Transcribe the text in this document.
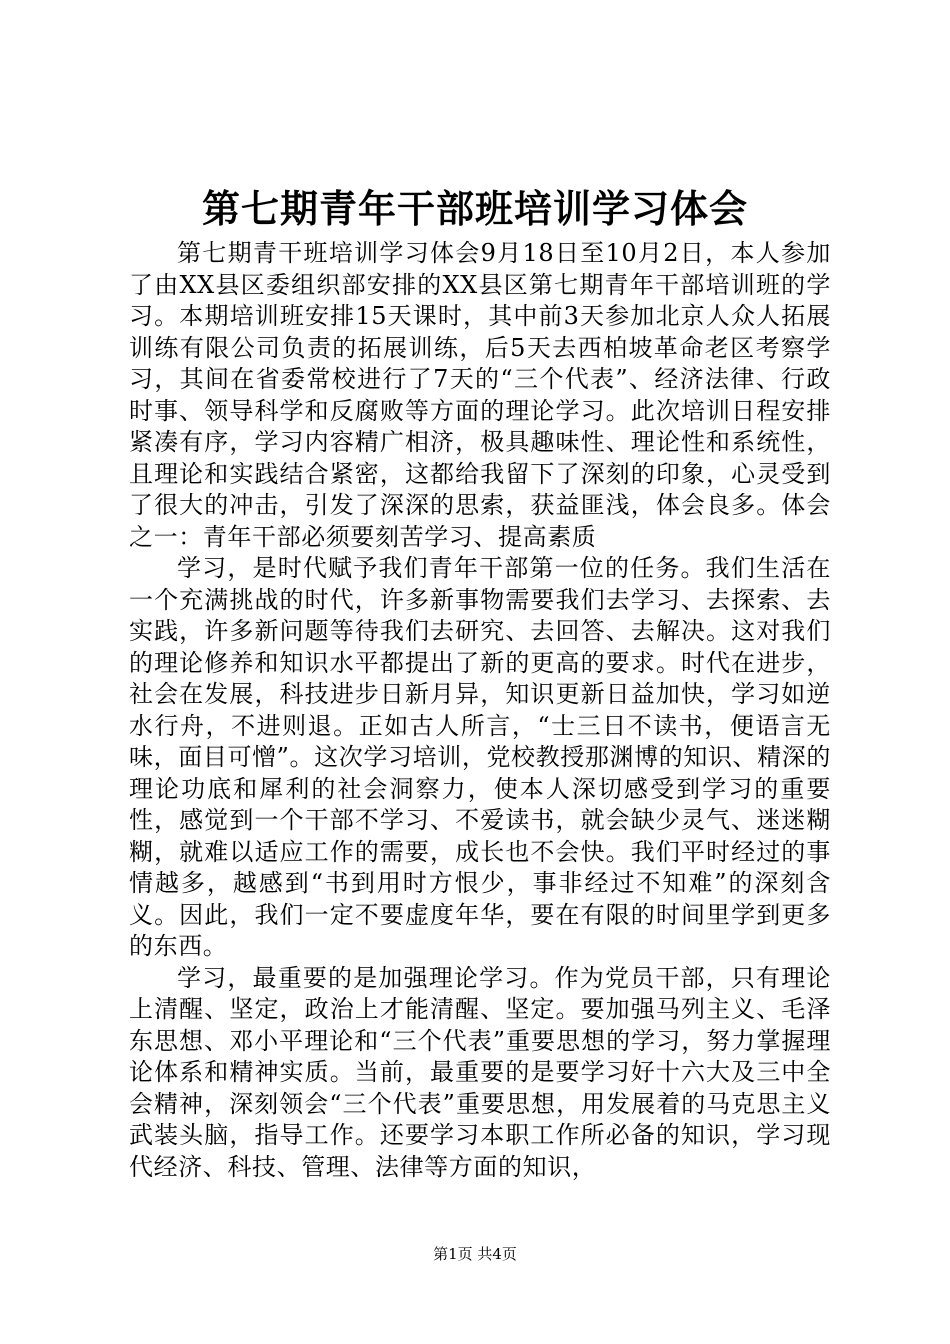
第七期青年干部班培训学习体会

第七期青干班培训学习体会9月18日至10月2日，本人参加了由XX县区委组织部安排的XX县区第七期青年干部培训班的学习。本期培训班安排15天课时，其中前3天参加北京人众人拓展训练有限公司负责的拓展训练，后5天去西柏坡革命老区考察学习，其间在省委常校进行了7天的“三个代表”、经济法律、行政时事、领导科学和反腐败等方面的理论学习。此次培训日程安排紧凑有序，学习内容精广相济，极具趣味性、理论性和系统性，且理论和实践结合紧密，这都给我留下了深刻的印象，心灵受到了很大的冲击，引发了深深的思索，获益匪浅，体会良多。体会之一：青年干部必须要刻苦学习、提高素质

学习，是时代赋予我们青年干部第一位的任务。我们生活在一个充满挑战的时代，许多新事物需要我们去学习、去探索、去实践，许多新问题等待我们去研究、去回答、去解决。这对我们的理论修养和知识水平都提出了新的更高的要求。时代在进步，社会在发展，科技进步日新月异，知识更新日益加快，学习如逆水行舟，不进则退。正如古人所言，“士三日不读书，便语言无味，面目可憎”。这次学习培训，党校教授那渊博的知识、精深的理论功底和犀利的社会洞察力，使本人深切感受到学习的重要性，感觉到一个干部不学习、不爱读书，就会缺少灵气、迷迷糊糊，就难以适应工作的需要，成长也不会快。我们平时经过的事情越多，越感到“书到用时方恨少，事非经过不知难”的深刻含义。因此，我们一定不要虚度年华，要在有限的时间里学到更多的东西。

学习，最重要的是加强理论学习。作为党员干部，只有理论上清醒、坚定，政治上才能清醒、坚定。要加强马列主义、毛泽东思想、邓小平理论和“三个代表”重要思想的学习，努力掌握理论体系和精神实质。当前，最重要的是要学习好十六大及三中全会精神，深刻领会“三个代表”重要思想，用发展着的马克思主义武装头脑，指导工作。还要学习本职工作所必备的知识，学习现代经济、科技、管理、法律等方面的知识，

第1页 共4页
